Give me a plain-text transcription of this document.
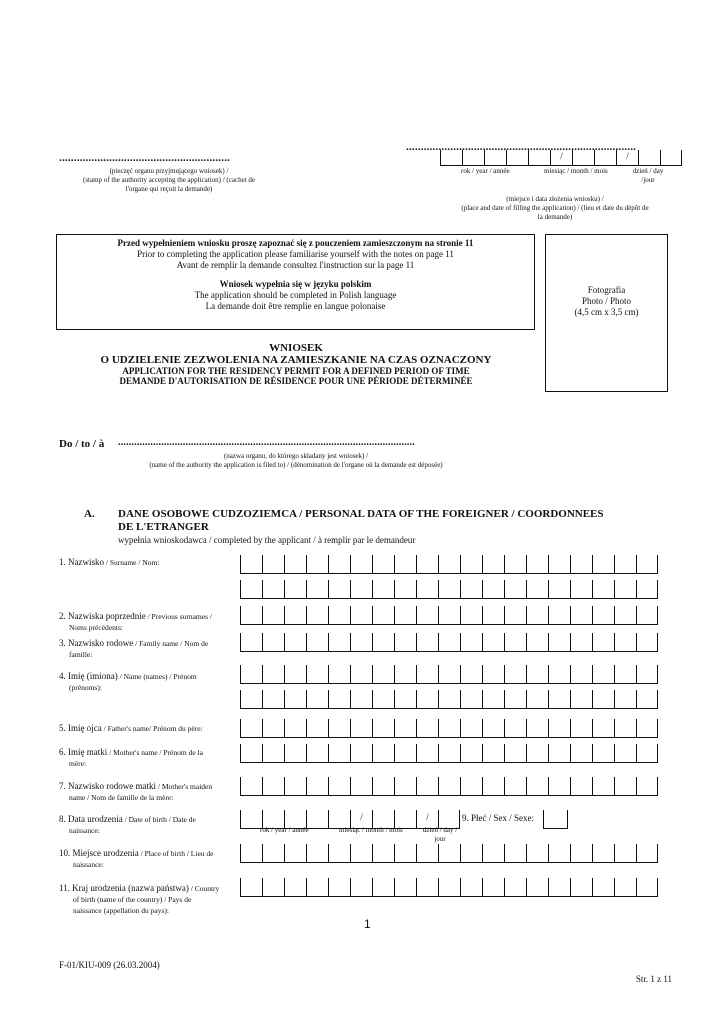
..........................................................
(pieczęć organu przyjmującego wniosek) /
(stamp of the authority accepting the application) / (cachet de
l'organe qui reçoit la demande)
..............................................................................
/	/
rok / year / année	miesiąc / month / mois	dzień / day /jour
(miejsce i data złożenia wniosku) /
(place and date of filling the application) / (lieu et date du dépôt de
la demande)
Przed wypełnieniem wniosku proszę zapoznać się z pouczeniem zamieszczonym na stronie 11
Prior to completing the application please familiarise yourself with the notes on page 11
Avant de remplir la demande consultez l'instruction sur la page 11
Wniosek wypełnia się w języku polskim
The application should be completed in Polish language
La demande doit être remplie en langue polonaise
Fotografia
Photo / Photo
(4,5 cm x 3,5 cm)
WNIOSEK
O UDZIELENIE ZEZWOLENIA NA ZAMIESZKANIE NA CZAS OZNACZONY
APPLICATION FOR THE RESIDENCY PERMIT FOR A DEFINED PERIOD OF TIME
DEMANDE D'AUTORISATION DE RÉSIDENCE POUR UNE PÉRIODE DÉTERMINÉE
Do / to / à ..............................................................................................................
(nazwa organu, do którego składany jest wniosek) /
(name of the authority the application is filed to) / (dénomination de l'organe où la demande est déposée)
A. DANE OSOBOWE CUDZOZIEMCA / PERSONAL DATA OF THE FOREIGNER / COORDONNEES
DE L'ETRANGER
wypełnia wnioskodawca / completed by the applicant / à remplir par le demandeur
1. Nazwisko / Surname / Nom:
2. Nazwiska poprzednie / Previous surnames /
Noms précédents:
3. Nazwisko rodowe / Family name / Nom de
famille:
4. Imię (imiona) / Name (names) / Prénom
(prénoms):
5. Imię ojca / Father's name/ Prénom du père:
6. Imię matki / Mother's name / Prénom de la
mère:
7. Nazwisko rodowe matki / Mother's maiden
name / Nom de famille de la mère:
8. Data urodzenia / Date of birth / Date de
naissance:
10. Miejsce urodzenia / Place of birth / Lieu de
naissance:
11. Kraj urodzenia (nazwa państwa) / Country
of birth (name of the country) / Pays de
naissance (appellation du pays):
/	/
rok / year / année	miesiąc / month / mois	dzień / day /
jour
9. Płeć / Sex / Sexe:
1
F-01/KIU-009 (26.03.2004)
Str. 1 z 11
